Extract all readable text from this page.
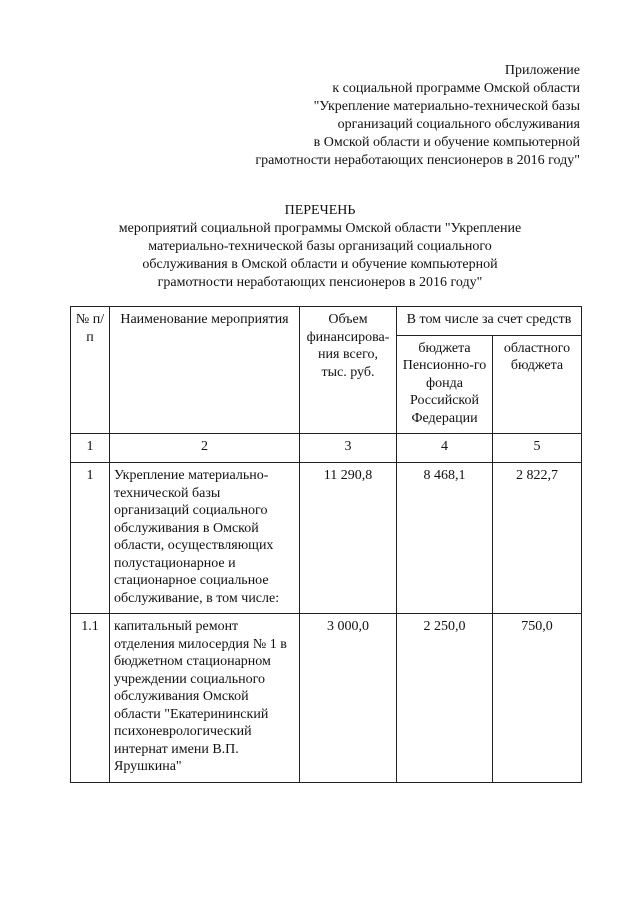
Приложение
к социальной программе Омской области
"Укрепление материально-технической базы
организаций социального обслуживания
в Омской области и обучение компьютерной
грамотности неработающих пенсионеров в 2016 году"
ПЕРЕЧЕНЬ
мероприятий социальной программы Омской области "Укрепление
материально-технической базы организаций социального
обслуживания в Омской области и обучение компьютерной
грамотности неработающих пенсионеров в 2016 году"
№ п/п	Наименование мероприятия	Объем финансирова-ния всего, тыс. руб.	В том числе за счет средств	
			бюджета Пенсионно-го фонда Российской Федерации	областного бюджета
1	2	3	4	5
1	Укрепление материально-технической базы организаций социального обслуживания в Омской области, осуществляющих полустационарное и стационарное социальное обслуживание, в том числе:	11 290,8	8 468,1	2 822,7
1.1	капитальный ремонт отделения милосердия № 1 в бюджетном стационарном учреждении социального обслуживания Омской области "Екатерининский психоневрологический интернат имени В.П. Ярушкина"	3 000,0	2 250,0	750,0
